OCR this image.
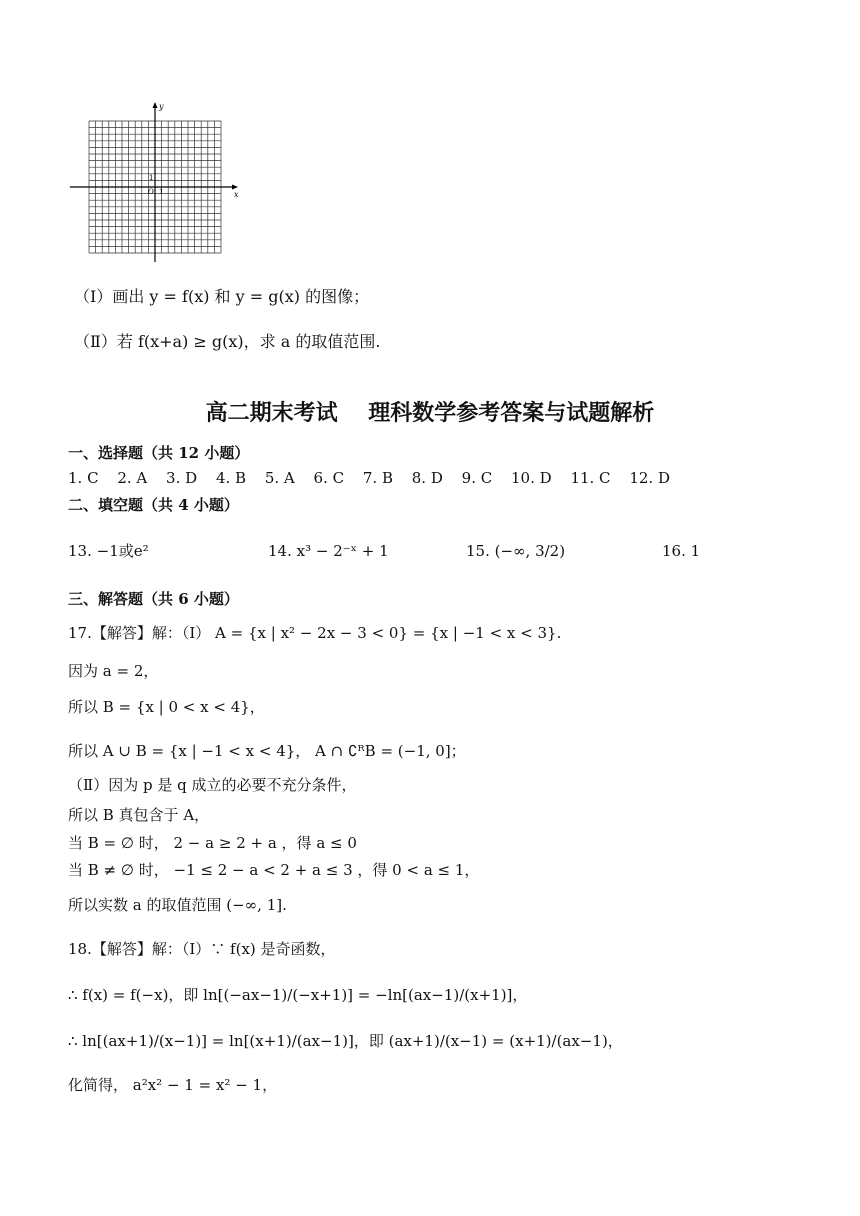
y
x
O
1
1
（Ⅰ）画出 y = f(x) 和 y = g(x) 的图像；
（Ⅱ）若 f(x+a) ≥ g(x)，求 a 的取值范围.
高二期末考试    理科数学参考答案与试题解析
一、选择题（共 12 小题）
1. C 2. A 3. D 4. B 5. A 6. C 7. B 8. D 9. C 10. D 11. C 12. D
二、填空题（共 4 小题）
13. −1或e²	14. x³ − 2⁻ˣ + 1	15. (−∞, 3/2)	16. 1
三、解答题（共 6 小题）
17.【解答】解：（Ⅰ） A = {x | x² − 2x − 3 < 0} = {x | −1 < x < 3}.
因为 a = 2，
所以 B = {x | 0 < x < 4}，
所以 A ∪ B = {x | −1 < x < 4}， A ∩ ∁ᴿB = (−1, 0]；
（Ⅱ）因为 p 是 q 成立的必要不充分条件，
所以 B 真包含于 A，
当 B = ∅ 时， 2 − a ≥ 2 + a ，得 a ≤ 0
当 B ≠ ∅ 时， −1 ≤ 2 − a < 2 + a ≤ 3 ，得 0 < a ≤ 1，
所以实数 a 的取值范围 (−∞, 1].
18.【解答】解：（Ⅰ）∵ f(x) 是奇函数，
∴ f(x) = f(−x)，即 ln[(−ax−1)/(−x+1)] = −ln[(ax−1)/(x+1)]，
∴ ln[(ax+1)/(x−1)] = ln[(x+1)/(ax−1)]，即 (ax+1)/(x−1) = (x+1)/(ax−1)，
化简得， a²x² − 1 = x² − 1，
